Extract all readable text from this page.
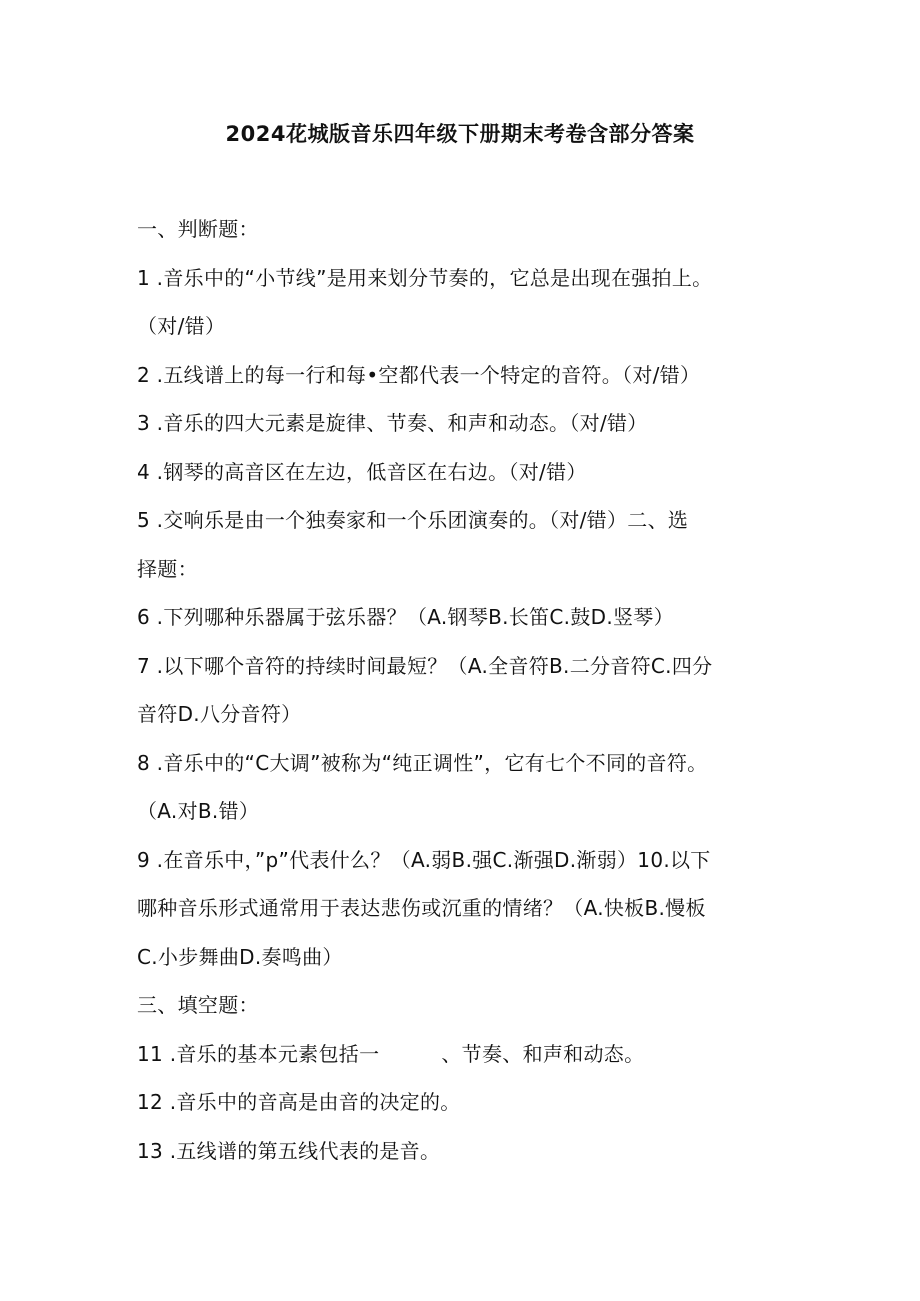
2024花城版音乐四年级下册期末考卷含部分答案
一、判断题：
1 .音乐中的“小节线”是用来划分节奏的，它总是出现在强拍上。
（对/错）
2 .五线谱上的每一行和每•空都代表一个特定的音符。（对/错）
3 .音乐的四大元素是旋律、节奏、和声和动态。（对/错）
4 .钢琴的高音区在左边，低音区在右边。（对/错）
5 .交响乐是由一个独奏家和一个乐团演奏的。（对/错）二、选
择题：
6 .下列哪种乐器属于弦乐器？（A.钢琴B.长笛C.鼓D.竖琴）
7 .以下哪个音符的持续时间最短？（A.全音符B.二分音符C.四分
音符D.八分音符）
8 .音乐中的“C大调”被称为“纯正调性”，它有七个不同的音符。
（A.对B.错）
9 .在音乐中，”p”代表什么？（A.弱B.强C.渐强D.渐弱）10.以下
哪种音乐形式通常用于表达悲伤或沉重的情绪？（A.快板B.慢板
C.小步舞曲D.奏鸣曲）
三、填空题：
11 .音乐的基本元素包括一	、节奏、和声和动态。
12 .音乐中的音高是由音的决定的。
13 .五线谱的第五线代表的是音。
